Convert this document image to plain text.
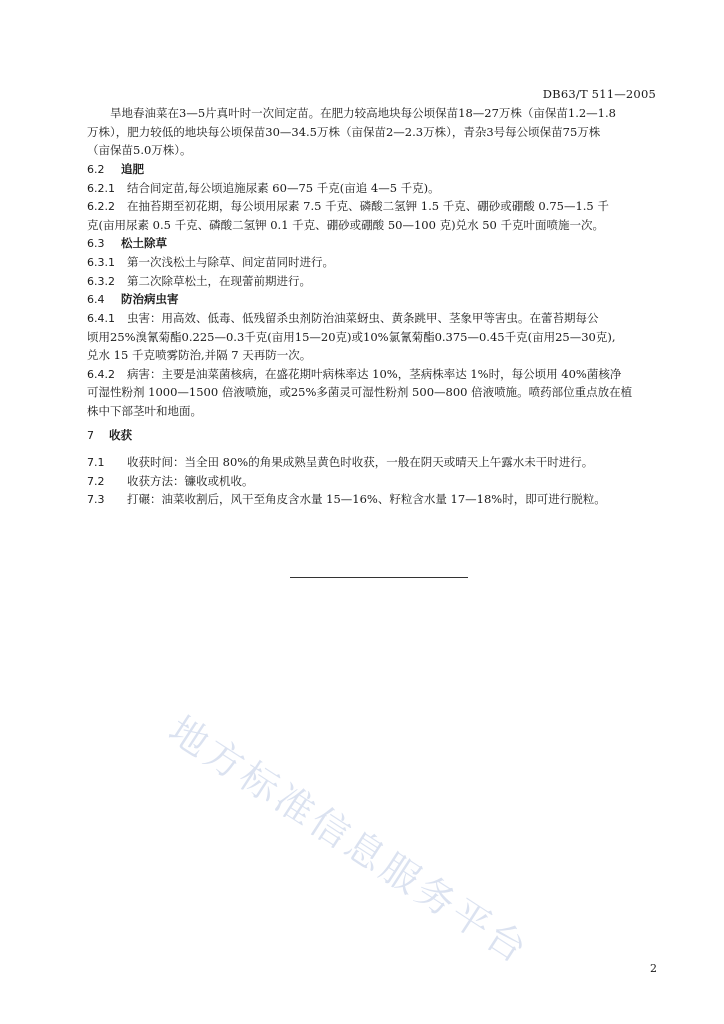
DB63/T 511—2005
旱地春油菜在3—5片真叶时一次间定苗。在肥力较高地块每公顷保苗18—27万株（亩保苗1.2—1.8
万株），肥力较低的地块每公顷保苗30—34.5万株（亩保苗2—2.3万株），青杂3号每公顷保苗75万株
（亩保苗5.0万株）。
6.2 追肥
6.2.1 结合间定苗,每公顷追施尿素 60—75 千克(亩追 4—5 千克)。
6.2.2 在抽苔期至初花期，每公顷用尿素 7.5 千克、磷酸二氢钾 1.5 千克、硼砂或硼酸 0.75—1.5 千
克(亩用尿素 0.5 千克、磷酸二氢钾 0.1 千克、硼砂或硼酸 50—100 克)兑水 50 千克叶面喷施一次。
6.3 松土除草
6.3.1 第一次浅松土与除草、间定苗同时进行。
6.3.2 第二次除草松土，在现蕾前期进行。
6.4 防治病虫害
6.4.1 虫害：用高效、低毒、低残留杀虫剂防治油菜蚜虫、黄条跳甲、茎象甲等害虫。在蕾苔期每公
顷用25%溴氰菊酯0.225—0.3千克(亩用15—20克)或10%氯氰菊酯0.375—0.45千克(亩用25—30克),
兑水 15 千克喷雾防治,并隔 7 天再防一次。
6.4.2 病害：主要是油菜菌核病，在盛花期叶病株率达 10%，茎病株率达 1%时，每公顷用 40%菌核净
可湿性粉剂 1000—1500 倍液喷施，或25%多菌灵可湿性粉剂 500—800 倍液喷施。喷药部位重点放在植
株中下部茎叶和地面。
7 收获
7.1 收获时间：当全田 80%的角果成熟呈黄色时收获，一般在阴天或晴天上午露水未干时进行。
7.2 收获方法：镰收或机收。
7.3 打碾：油菜收割后，风干至角皮含水量 15—16%、籽粒含水量 17—18%时，即可进行脱粒。
地方标准信息服务平台	2
